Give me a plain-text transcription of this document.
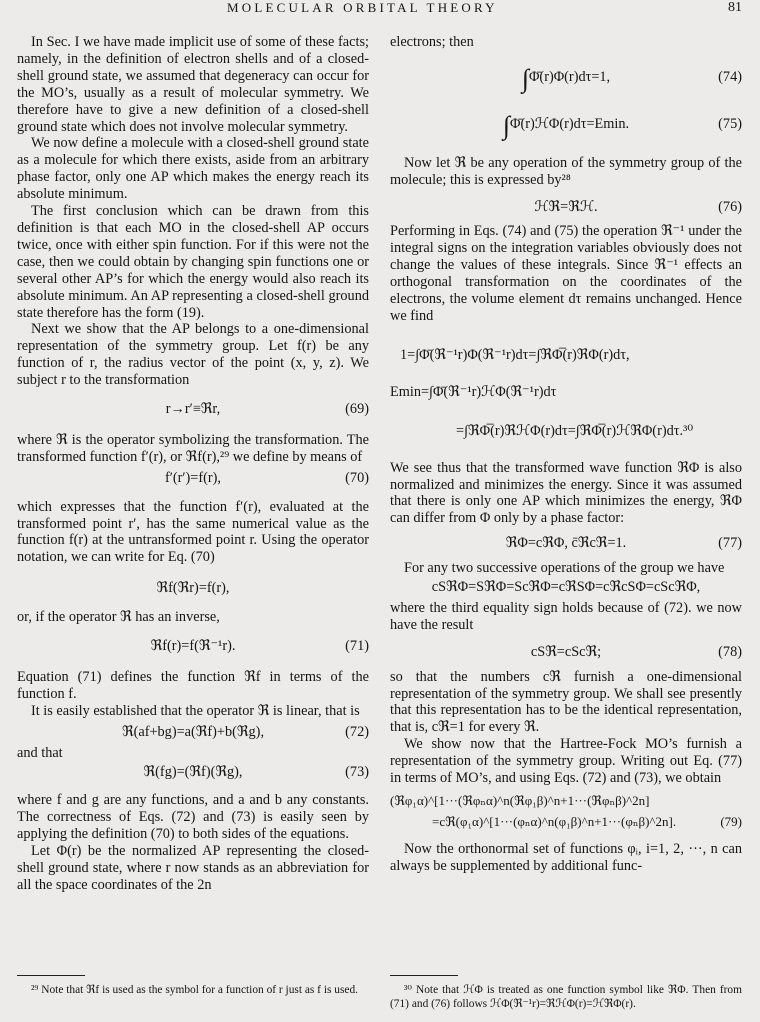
MOLECULAR ORBITAL THEORY	81

In Sec. I we have made implicit use of some of these facts; namely, in the definition of electron shells and of a closed-shell ground state, we assumed that degeneracy can occur for the MO’s, usually as a result of molecular symmetry. We therefore have to give a new definition of a closed-shell ground state which does not involve molecular symmetry.

We now define a molecule with a closed-shell ground state as a molecule for which there exists, aside from an arbitrary phase factor, only one AP which makes the energy reach its absolute minimum.

The first conclusion which can be drawn from this definition is that each MO in the closed-shell AP occurs twice, once with either spin function. For if this were not the case, then we could obtain by changing spin functions one or several other AP’s for which the energy would also reach its absolute minimum. An AP representing a closed-shell ground state therefore has the form (19).

Next we show that the AP belongs to a one-dimensional representation of the symmetry group. Let f(r) be any function of r, the radius vector of the point (x, y, z). We subject r to the transformation

r→r′≡ℜr,	(69)

where ℜ is the operator symbolizing the transformation. The transformed function f′(r), or ℜf(r),²⁹ we define by means of

f′(r′)=f(r),	(70)

which expresses that the function f′(r), evaluated at the transformed point r′, has the same numerical value as the function f(r) at the untransformed point r. Using the operator notation, we can write for Eq. (70)

ℜf(ℜr)=f(r),

or, if the operator ℜ has an inverse,

ℜf(r)=f(ℜ⁻¹r).	(71)

Equation (71) defines the function ℜf in terms of the function f.

It is easily established that the operator ℜ is linear, that is

ℜ(af+bg)=a(ℜf)+b(ℜg),	(72)

and that

ℜ(fg)=(ℜf)(ℜg),	(73)

where f and g are any functions, and a and b any constants. The correctness of Eqs. (72) and (73) is easily seen by applying the definition (70) to both sides of the equations.

Let Φ(r) be the normalized AP representing the closed-shell ground state, where r now stands as an abbreviation for all the space coordinates of the 2n

²⁹ Note that ℜf is used as the symbol for a function of r just as f is used.

electrons; then

∫Φ̄(r)Φ(r)dτ=1,	(74)
∫Φ̄(r)ℋΦ(r)dτ=Emin.	(75)

Now let ℜ be any operation of the symmetry group of the molecule; this is expressed by²⁸

ℋℜ=ℜℋ.	(76)

Performing in Eqs. (74) and (75) the operation ℜ⁻¹ under the integral signs on the integration variables obviously does not change the values of these integrals. Since ℜ⁻¹ effects an orthogonal transformation on the coordinates of the electrons, the volume element dτ remains unchanged. Hence we find

1=∫Φ̄(ℜ⁻¹r)Φ(ℜ⁻¹r)dτ=∫ℜΦ̅(r)ℜΦ(r)dτ,
Emin=∫Φ̄(ℜ⁻¹r)ℋΦ(ℜ⁻¹r)dτ
=∫ℜΦ̅(r)ℜℋΦ(r)dτ=∫ℜΦ̅(r)ℋℜΦ(r)dτ.³⁰

We see thus that the transformed wave function ℜΦ is also normalized and minimizes the energy. Since it was assumed that there is only one AP which minimizes the energy, ℜΦ can differ from Φ only by a phase factor:

ℜΦ=cℜΦ, c̄ℜcℜ=1.	(77)

For any two successive operations of the group we have

cSℜΦ=SℜΦ=ScℜΦ=cℜSΦ=cℜcSΦ=cScℜΦ,

where the third equality sign holds because of (72). we now have the result

cSℜ=cScℜ;	(78)

so that the numbers cℜ furnish a one-dimensional representation of the symmetry group. We shall see presently that this representation has to be the identical representation, that is, cℜ=1 for every ℜ.

We show now that the Hartree-Fock MO’s furnish a representation of the symmetry group. Writing out Eq. (77) in terms of MO’s, and using Eqs. (72) and (73), we obtain

(ℜφ₁α)^[1···(ℜφₙα)^n(ℜφ₁β)^n+1···(ℜφₙβ)^2n]
=cℜ(φ₁α)^[1···(φₙα)^n(φ₁β)^n+1···(φₙβ)^2n].	(79)

Now the orthonormal set of functions φᵢ, i=1, 2, ···, n can always be supplemented by additional func-

³⁰ Note that ℋΦ is treated as one function symbol like ℜΦ. Then from (71) and (76) follows ℋΦ(ℜ⁻¹r)=ℜℋΦ(r)=ℋℜΦ(r).
